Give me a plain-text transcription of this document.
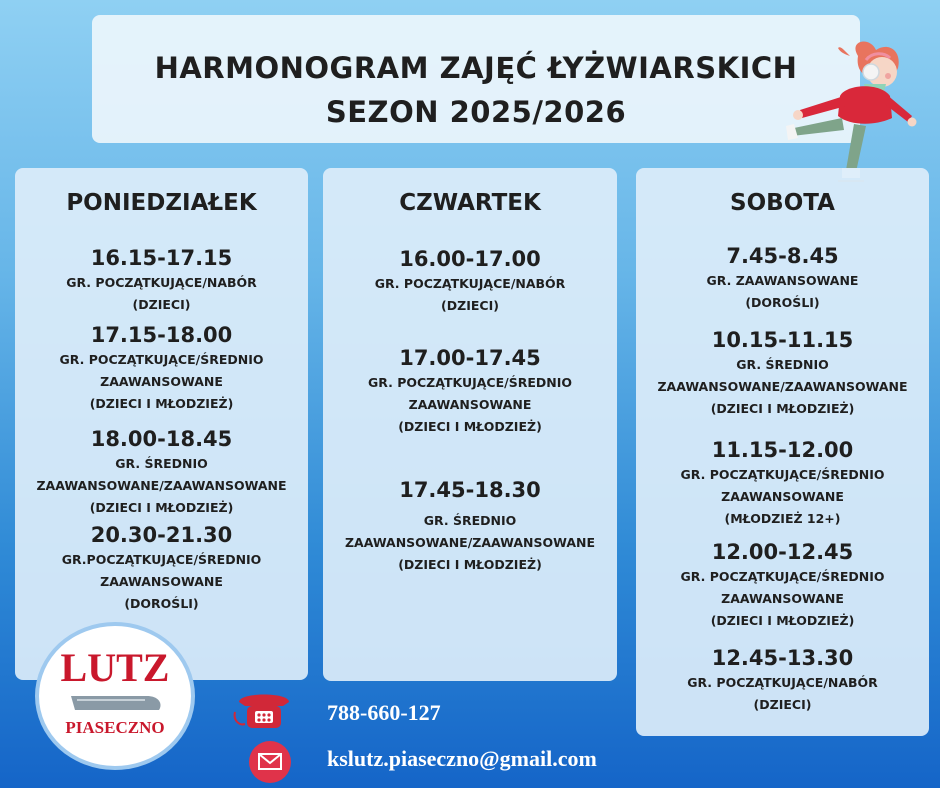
HARMONOGRAM ZAJĘĆ ŁYŻWIARSKICH
SEZON 2025/2026
PONIEDZIAŁEK
16.15-17.15
GR. POCZĄTKUJĄCE/NABÓR
(DZIECI)
17.15-18.00
GR. POCZĄTKUJĄCE/ŚREDNIO
ZAAWANSOWANE
(DZIECI I MŁODZIEŻ)
18.00-18.45
GR. ŚREDNIO
ZAAWANSOWANE/ZAAWANSOWANE
(DZIECI I MŁODZIEŻ)
20.30-21.30
GR.POCZĄTKUJĄCE/ŚREDNIO
ZAAWANSOWANE
(DOROŚLI)
CZWARTEK
16.00-17.00
GR. POCZĄTKUJĄCE/NABÓR
(DZIECI)
17.00-17.45
GR. POCZĄTKUJĄCE/ŚREDNIO
ZAAWANSOWANE
(DZIECI I MŁODZIEŻ)
17.45-18.30
GR. ŚREDNIO
ZAAWANSOWANE/ZAAWANSOWANE
(DZIECI I MŁODZIEŻ)
SOBOTA
7.45-8.45
GR. ZAAWANSOWANE
(DOROŚLI)
10.15-11.15
GR. ŚREDNIO
ZAAWANSOWANE/ZAAWANSOWANE
(DZIECI I MŁODZIEŻ)
11.15-12.00
GR. POCZĄTKUJĄCE/ŚREDNIO
ZAAWANSOWANE
(MŁODZIEŻ 12+)
12.00-12.45
GR. POCZĄTKUJĄCE/ŚREDNIO
ZAAWANSOWANE
(DZIECI I MŁODZIEŻ)
12.45-13.30
GR. POCZĄTKUJĄCE/NABÓR
(DZIECI)
LUTZ
PIASECZNO
788-660-127
kslutz.piaseczno@gmail.com
